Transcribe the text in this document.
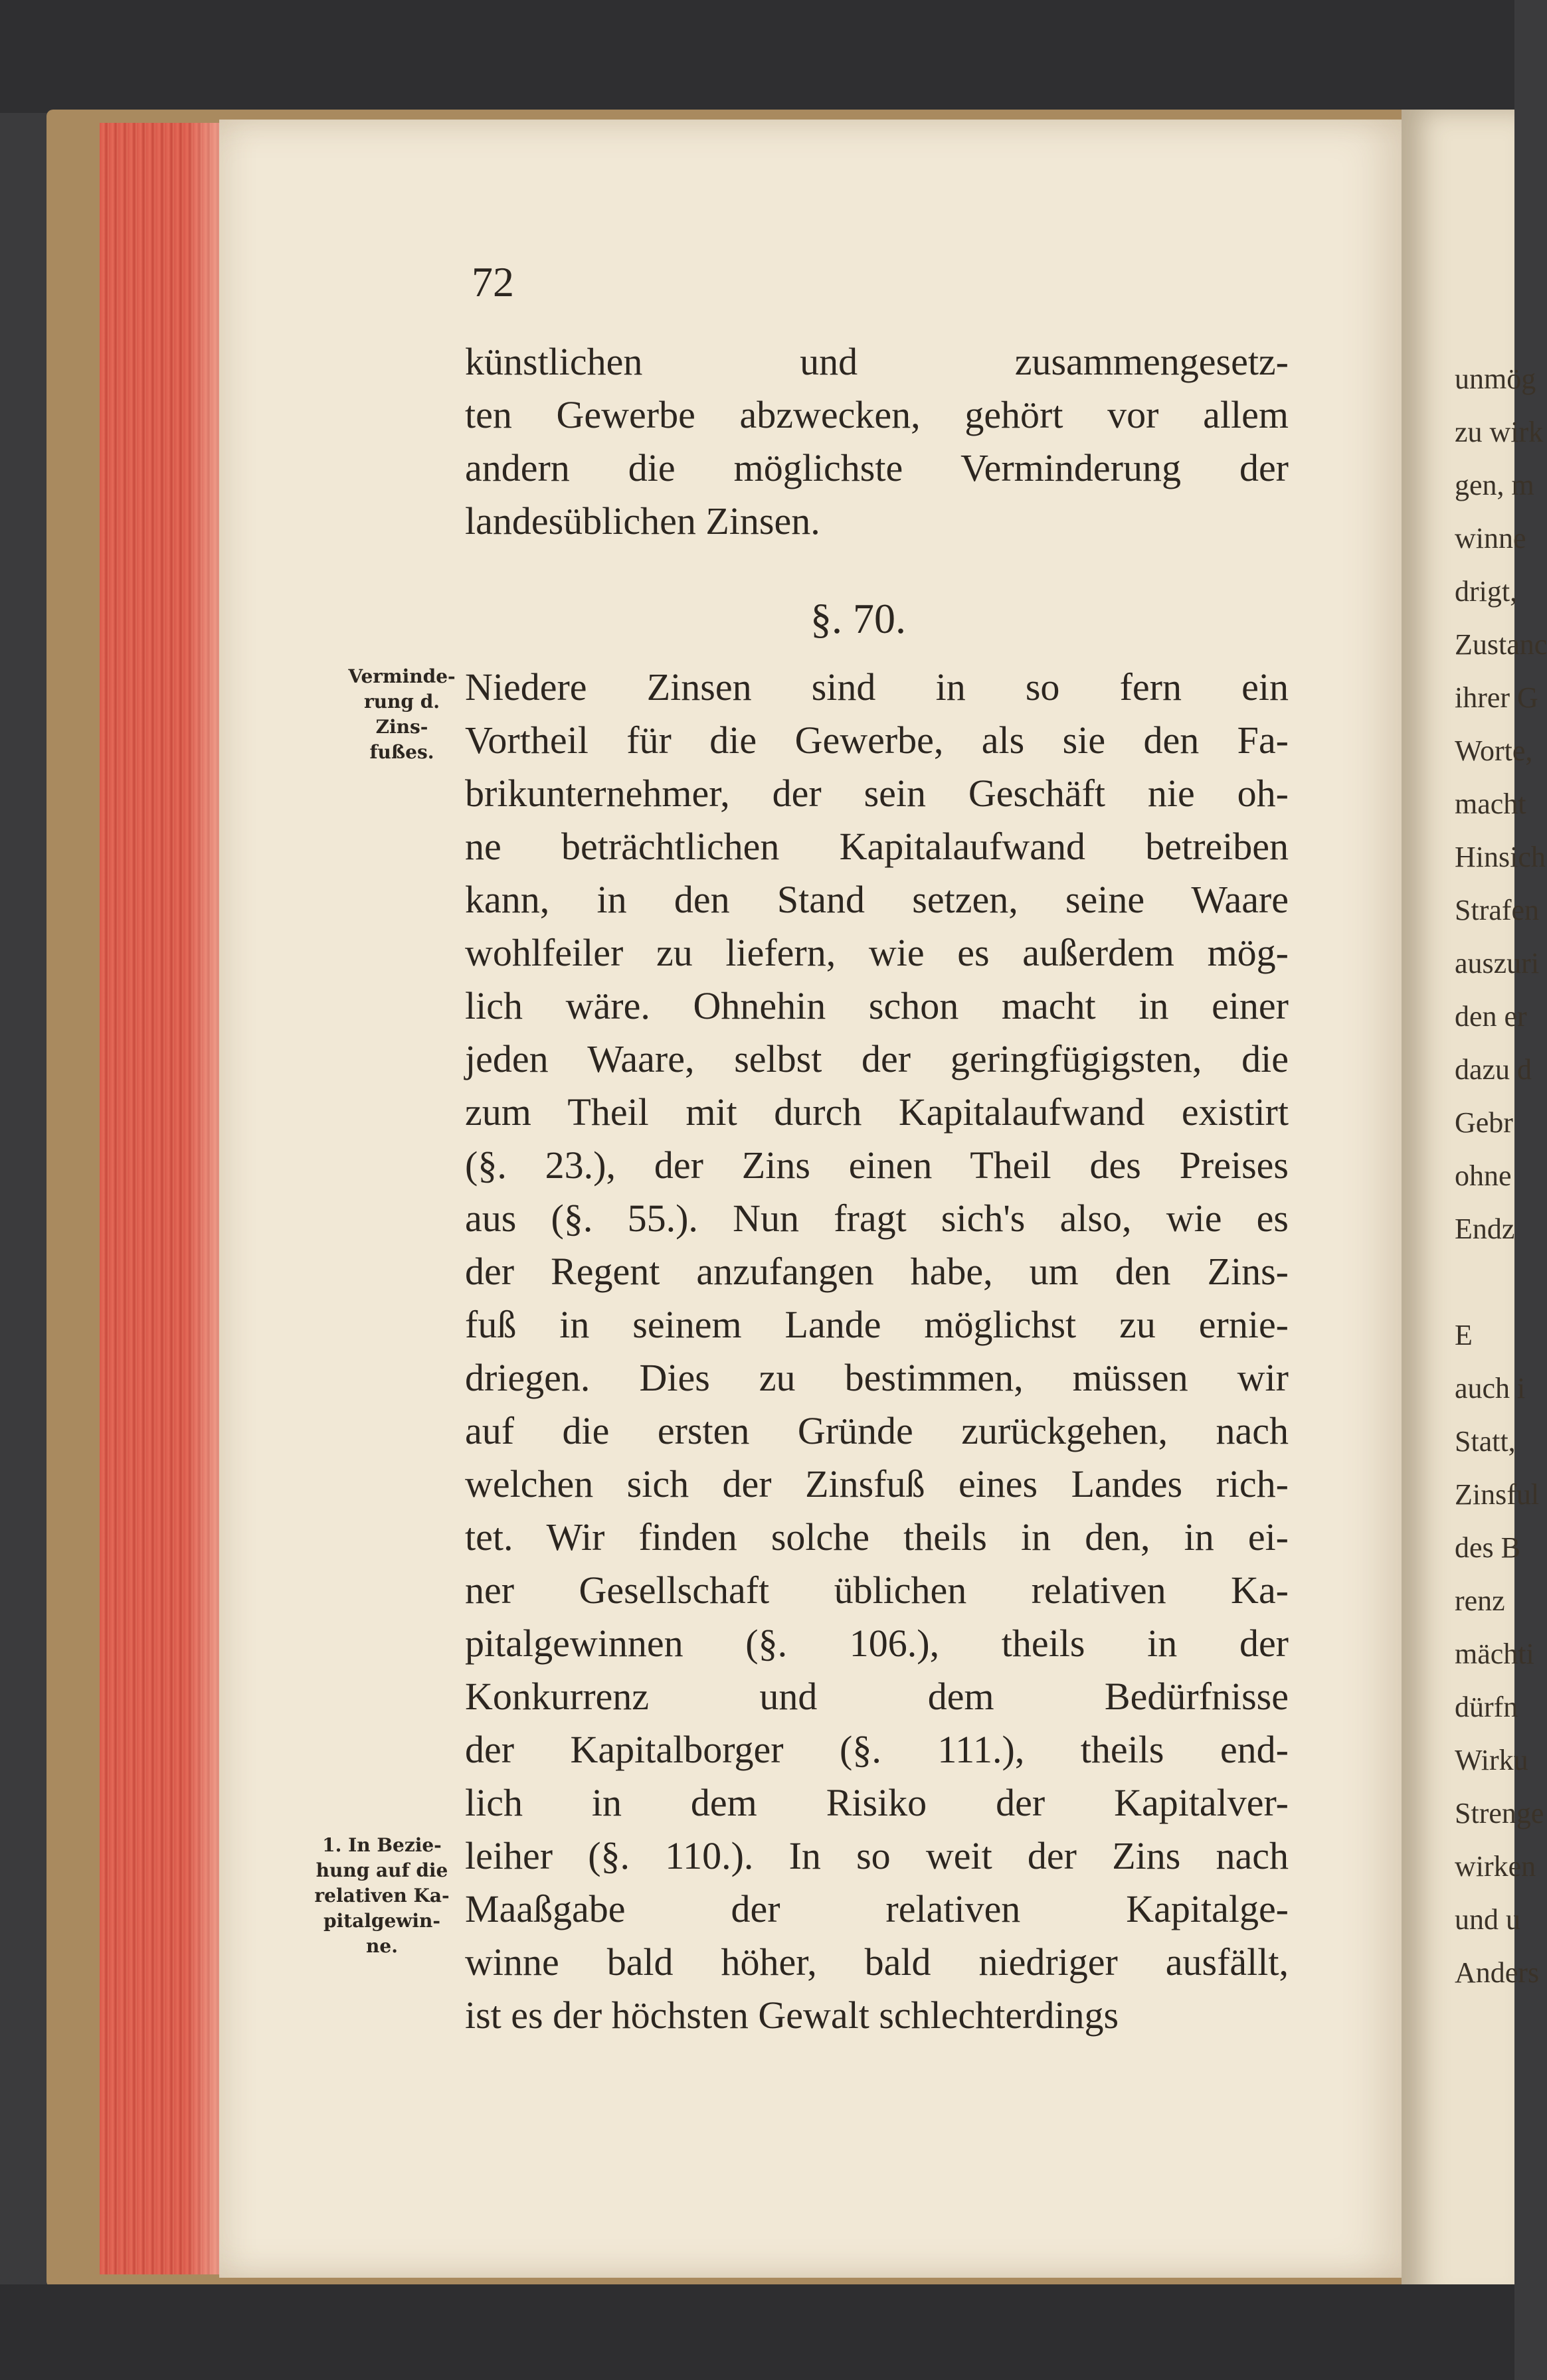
unmög
zu wirk
gen, m
winne
drigt,
Zustanc
ihrer G
Worte,
macht
Hinsich
Strafen
auszuri
den er
dazu d
Gebr
ohne
Endz
E
auch i
Statt,
Zinsful
des B
renz
mächti
dürfn
Wirku
Strenge
wirken
und u
Anders
72
künstlichen und zusammengesetz-
ten Gewerbe abzwecken, gehört vor allem
andern die möglichste Verminderung der
landesüblichen Zinsen.
§. 70.
Niedere Zinsen sind in so fern ein
Vortheil für die Gewerbe, als sie den Fa-
brikunternehmer, der sein Geschäft nie oh-
ne beträchtlichen Kapitalaufwand betreiben
kann, in den Stand setzen, seine Waare
wohlfeiler zu liefern, wie es außerdem mög-
lich wäre. Ohnehin schon macht in einer
jeden Waare, selbst der geringfügigsten, die
zum Theil mit durch Kapitalaufwand existirt
(§. 23.), der Zins einen Theil des Preises
aus (§. 55.). Nun fragt sich's also, wie es
der Regent anzufangen habe, um den Zins-
fuß in seinem Lande möglichst zu ernie-
driegen. Dies zu bestimmen, müssen wir
auf die ersten Gründe zurückgehen, nach
welchen sich der Zinsfuß eines Landes rich-
tet. Wir finden solche theils in den, in ei-
ner Gesellschaft üblichen relativen Ka-
pitalgewinnen (§. 106.), theils in der
Konkurrenz und dem Bedürfnisse
der Kapitalborger (§. 111.), theils end-
lich in dem Risiko der Kapitalver-
leiher (§. 110.). In so weit der Zins nach
Maaßgabe der relativen Kapitalge-
winne bald höher, bald niedriger ausfällt,
ist es der höchsten Gewalt schlechterdings
Verminde-
rung d. Zins-
fußes.
1. In Bezie-
hung auf die
relativen Ka-
pitalgewin-
ne.
